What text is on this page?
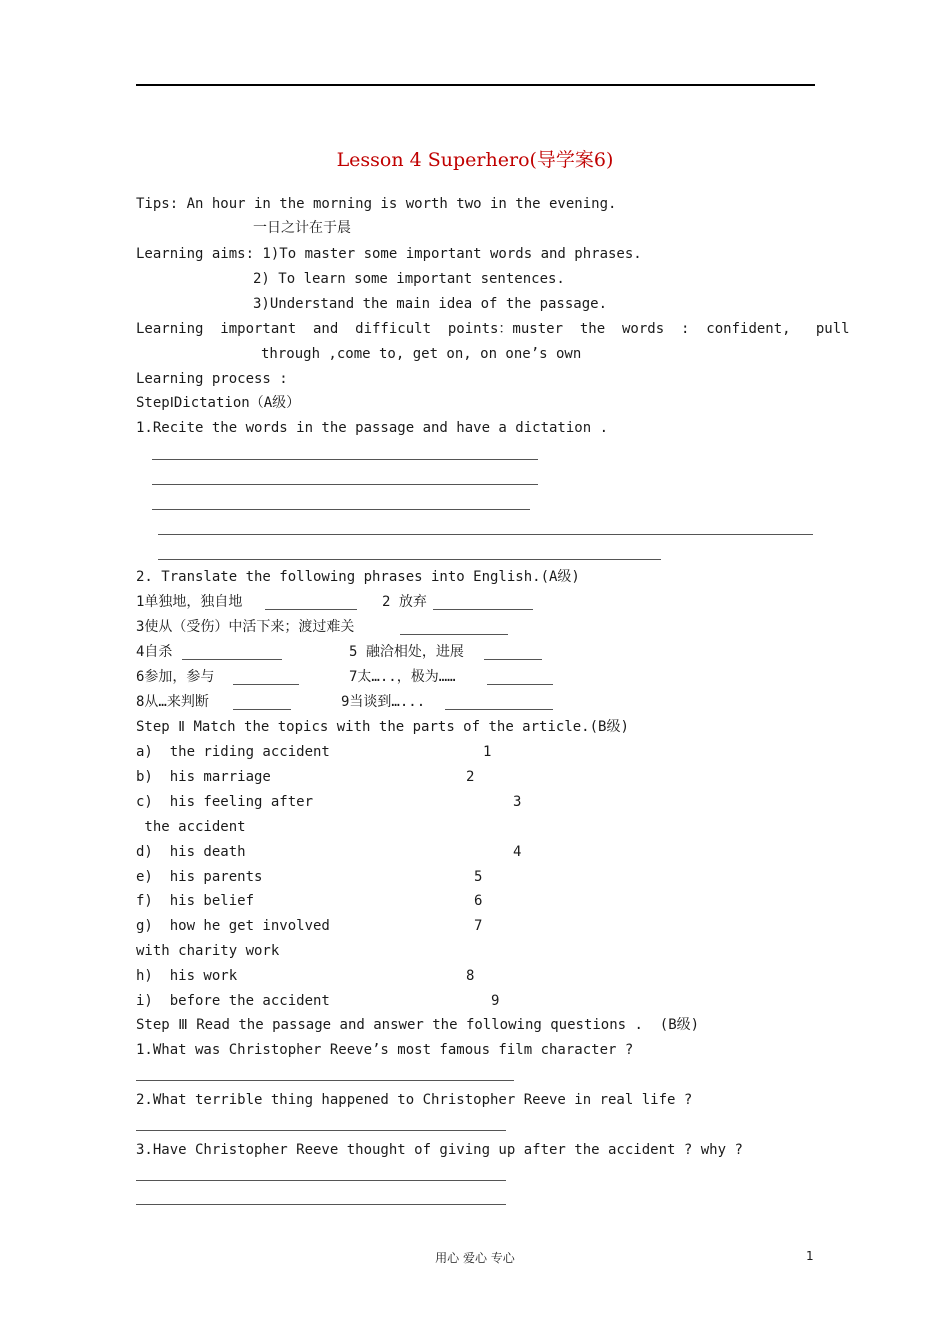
Lesson 4 Superhero(导学案6)
Tips: An hour in the morning is worth two in the evening.
一日之计在于晨
Learning aims: 1)To master some important words and phrases.
2) To learn some important sentences.
3)Understand the main idea of the passage.
Learning  important  and  difficult  points：muster  the  words  :  confident,   pull
through ,come to, get on, on one’s own
Learning process :
StepⅠDictation（A级）
1.Recite the words in the passage and have a dictation .
2. Translate the following phrases into English.(A级)
1单独地，独自地	2 放弃
3使从（受伤）中活下来；渡过难关
4自杀	5 融洽相处，进展
6参加，参与	7太…..，极为……
8从…来判断	9当谈到…...
Step Ⅱ Match the topics with the parts of the article.(B级)
a)  the riding accident	1
b)  his marriage	2
c)  his feeling after	3
the accident
d)  his death	4
e)  his parents	5
f)  his belief	6
g)  how he get involved	7
with charity work
h)  his work	8
i)  before the accident	9
Step Ⅲ Read the passage and answer the following questions .  (B级)
1.What was Christopher Reeve’s most famous film character ?
2.What terrible thing happened to Christopher Reeve in real life ?
3.Have Christopher Reeve thought of giving up after the accident ? why ?
用心 爱心 专心	1
